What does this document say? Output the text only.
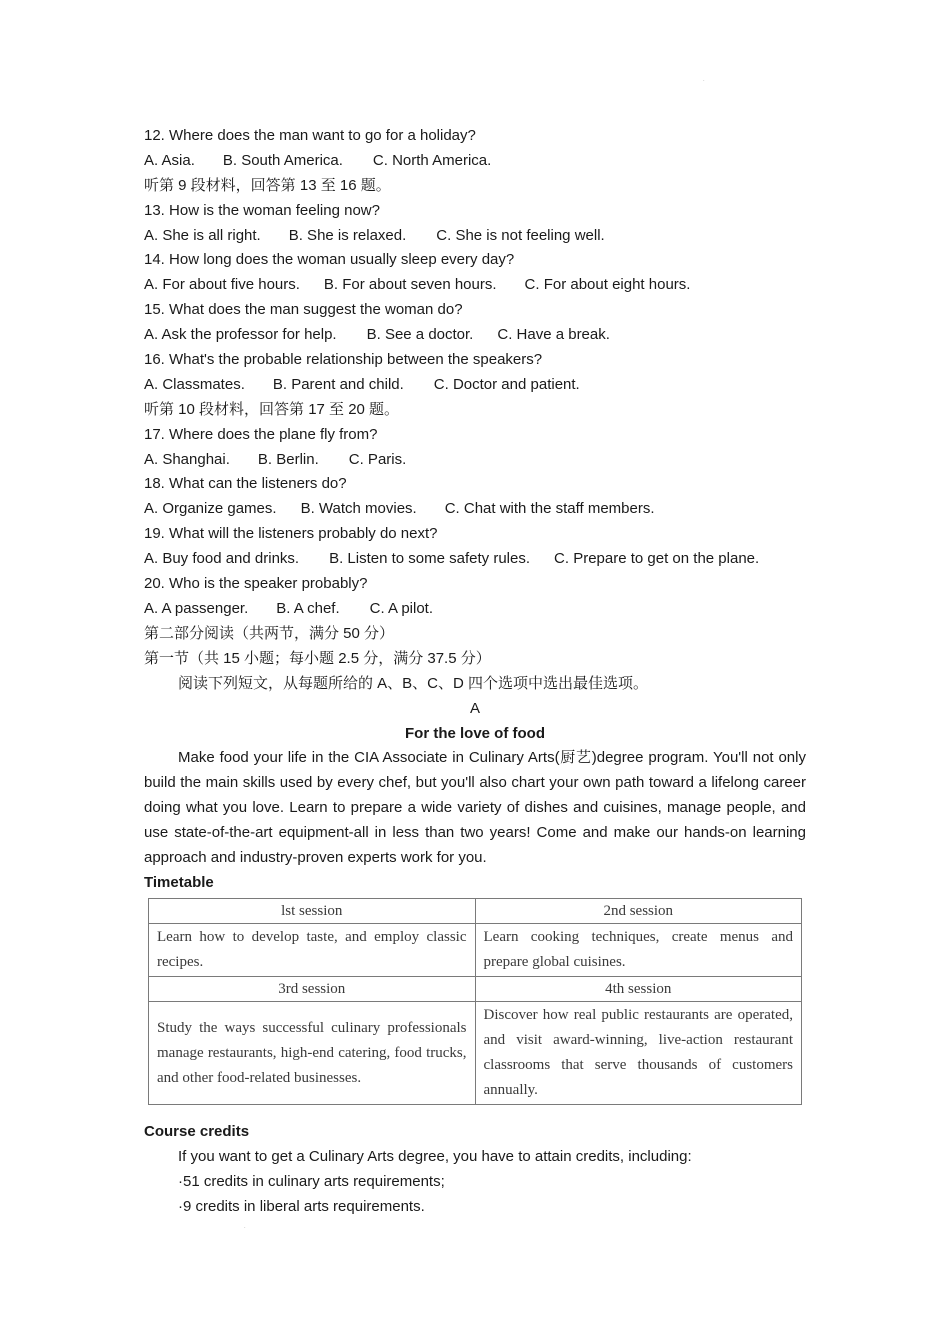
·
12. Where does the man want to go for a holiday?
A. Asia. B. South America. C. North America.
听第 9 段材料，回答第 13 至 16 题。
13. How is the woman feeling now?
A. She is all right. B. She is relaxed. C. She is not feeling well.
14. How long does the woman usually sleep every day?
A. For about five hours. B. For about seven hours. C. For about eight hours.
15. What does the man suggest the woman do?
A. Ask the professor for help. B. See a doctor. C. Have a break.
16. What's the probable relationship between the speakers?
A. Classmates. B. Parent and child. C. Doctor and patient.
听第 10 段材料，回答第 17 至 20 题。
17. Where does the plane fly from?
A. Shanghai. B. Berlin. C. Paris.
18. What can the listeners do?
A. Organize games. B. Watch movies. C. Chat with the staff members.
19. What will the listeners probably do next?
A. Buy food and drinks. B. Listen to some safety rules. C. Prepare to get on the plane.
20. Who is the speaker probably?
A. A passenger. B. A chef. C. A pilot.
第二部分阅读（共两节，满分 50 分）
第一节（共 15 小题；每小题 2.5 分，满分 37.5 分）
阅读下列短文，从每题所给的 A、B、C、D 四个选项中选出最佳选项。
A
For the love of food
Make food your life in the CIA Associate in Culinary Arts(厨艺)degree program. You'll not only build the main skills used by every chef, but you'll also chart your own path toward a lifelong career doing what you love. Learn to prepare a wide variety of dishes and cuisines, manage people, and use state-of-the-art equipment-all in less than two years! Come and make our hands-on learning approach and industry-proven experts work for you.
Timetable
lst session	2nd session
Learn how to develop taste, and employ classic recipes.	Learn cooking techniques, create menus and prepare global cuisines.
3rd session	4th session
Study the ways successful culinary professionals manage restaurants, high-end catering, food trucks, and other food-related businesses.	Discover how real public restaurants are operated, and visit award-winning, live-action restaurant classrooms that serve thousands of customers annually.
Course credits
If you want to get a Culinary Arts degree, you have to attain credits, including:
·51 credits in culinary arts requirements;
·9 credits in liberal arts requirements.
·
